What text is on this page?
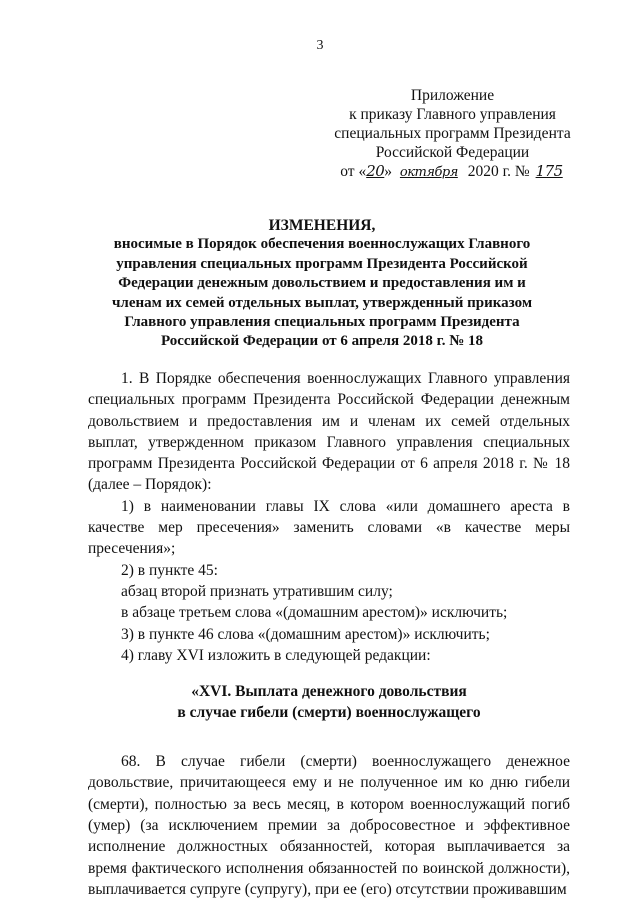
3
Приложение
к приказу Главного управления
специальных программ Президента
Российской Федерации
от «20» октября 2020 г. № 175
ИЗМЕНЕНИЯ,
вносимые в Порядок обеспечения военнослужащих Главного управления специальных программ Президента Российской Федерации денежным довольствием и предоставления им и членам их семей отдельных выплат, утвержденный приказом Главного управления специальных программ Президента Российской Федерации от 6 апреля 2018 г. № 18

1. В Порядке обеспечения военнослужащих Главного управления специальных программ Президента Российской Федерации денежным довольствием и предоставления им и членам их семей отдельных выплат, утвержденном приказом Главного управления специальных программ Президента Российской Федерации от 6 апреля 2018 г. № 18 (далее – Порядок):

1) в наименовании главы IX слова «или домашнего ареста в качестве мер пресечения» заменить словами «в качестве меры пресечения»;

2) в пункте 45:

абзац второй признать утратившим силу;

в абзаце третьем слова «(домашним арестом)» исключить;

3) в пункте 46 слова «(домашним арестом)» исключить;

4) главу XVI изложить в следующей редакции:

«XVI. Выплата денежного довольствия
в случае гибели (смерти) военнослужащего

68. В случае гибели (смерти) военнослужащего денежное довольствие, причитающееся ему и не полученное им ко дню гибели (смерти), полностью за весь месяц, в котором военнослужащий погиб (умер) (за исключением премии за добросовестное и эффективное исполнение должностных обязанностей, которая выплачивается за время фактического исполнения обязанностей по воинской должности), выплачивается супруге (супругу), при ее (его) отсутствии проживавшим
